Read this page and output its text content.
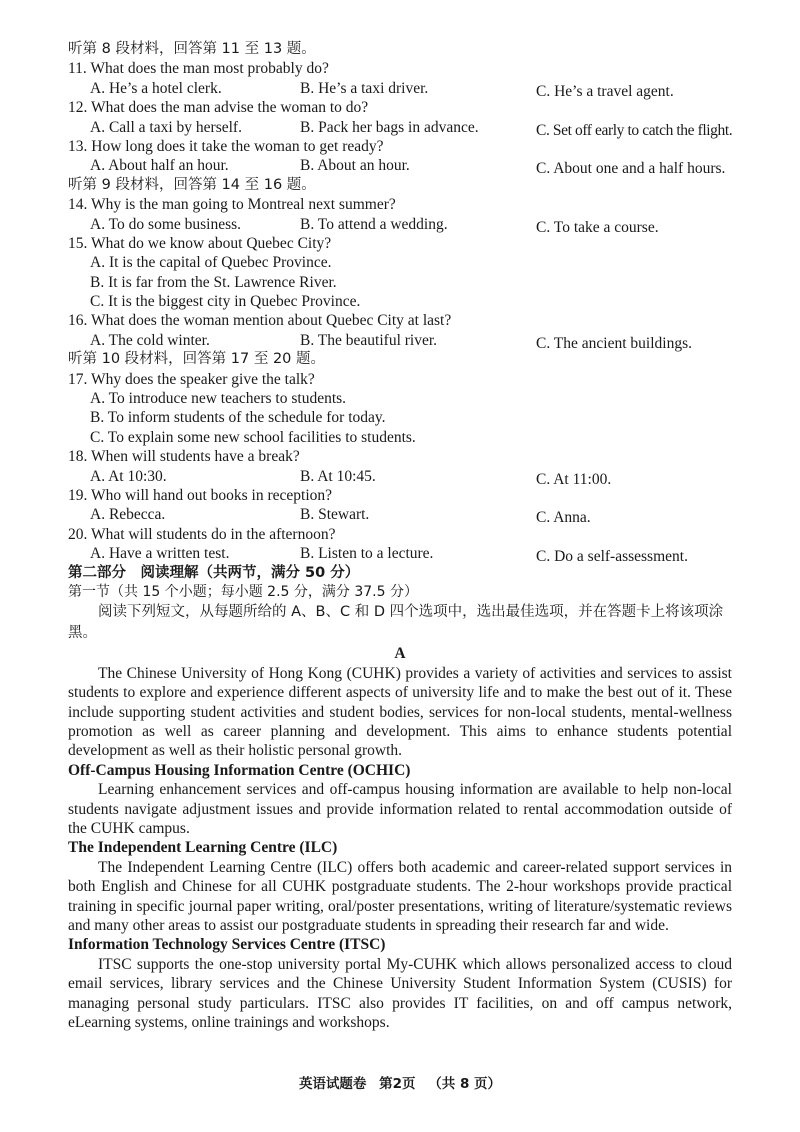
听第 8 段材料，回答第 11 至 13 题。
11. What does the man most probably do?
A. He’s a hotel clerk.	B. He’s a taxi driver.	C. He’s a travel agent.
12. What does the man advise the woman to do?
A. Call a taxi by herself.	B. Pack her bags in advance.	C. Set off early to catch the flight.
13. How long does it take the woman to get ready?
A. About half an hour.	B. About an hour.	C. About one and a half hours.
听第 9 段材料，回答第 14 至 16 题。
14. Why is the man going to Montreal next summer?
A. To do some business.	B. To attend a wedding.	C. To take a course.
15. What do we know about Quebec City?
A. It is the capital of Quebec Province.
B. It is far from the St. Lawrence River.
C. It is the biggest city in Quebec Province.
16. What does the woman mention about Quebec City at last?
A. The cold winter.	B. The beautiful river.	C. The ancient buildings.
听第 10 段材料，回答第 17 至 20 题。
17. Why does the speaker give the talk?
A. To introduce new teachers to students.
B. To inform students of the schedule for today.
C. To explain some new school facilities to students.
18. When will students have a break?
A. At 10:30.	B. At 10:45.	C. At 11:00.
19. Who will hand out books in reception?
A. Rebecca.	B. Stewart.	C. Anna.
20. What will students do in the afternoon?
A. Have a written test.	B. Listen to a lecture.	C. Do a self-assessment.
第二部分　阅读理解（共两节，满分 50 分）
第一节（共 15 个小题；每小题 2.5 分，满分 37.5 分）

阅读下列短文，从每题所给的 A、B、C 和 D 四个选项中，选出最佳选项，并在答题卡上将该项涂黑。

A

The Chinese University of Hong Kong (CUHK) provides a variety of activities and services to assist students to explore and experience different aspects of university life and to make the best out of it. These include supporting student activities and student bodies, services for non-local students, mental-wellness promotion as well as career planning and development. This aims to enhance students potential development as well as their holistic personal growth.

Off-Campus Housing Information Centre (OCHIC)

Learning enhancement services and off-campus housing information are available to help non-local students navigate adjustment issues and provide information related to rental accommodation outside of the CUHK campus.

The Independent Learning Centre (ILC)

The Independent Learning Centre (ILC) offers both academic and career-related support services in both English and Chinese for all CUHK postgraduate students. The 2-hour workshops provide practical training in specific journal paper writing, oral/poster presentations, writing of literature/systematic reviews and many other areas to assist our postgraduate students in spreading their research far and wide.

Information Technology Services Centre (ITSC)

ITSC supports the one-stop university portal My-CUHK which allows personalized access to cloud email services, library services and the Chinese University Student Information System (CUSIS) for managing personal study particulars. ITSC also provides IT facilities, on and off campus network, eLearning systems, online trainings and workshops.

英语试题卷 第2页 （共 8 页）
